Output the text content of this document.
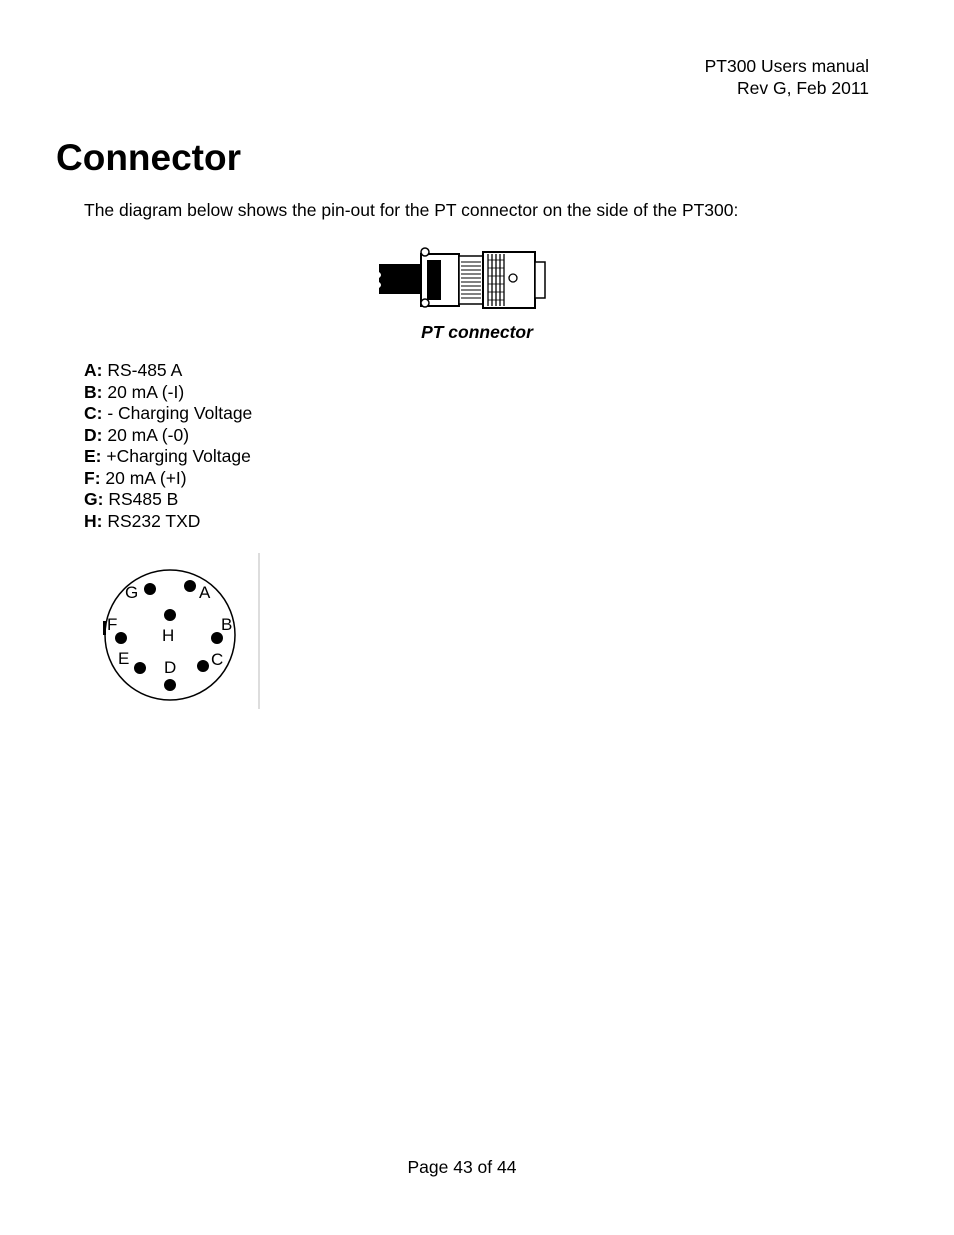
PT300 Users manual
Rev G, Feb 2011
Connector
The diagram below shows the pin-out for the PT connector on the side of the PT300:
PT connector
A: RS-485 A
B: 20 mA (-I)
C: - Charging Voltage
D: 20 mA (-0)
E: +Charging Voltage
F: 20 mA (+I)
G: RS485 B
H: RS232 TXD
A
G
H
F	B
E	C
D
Page 43 of 44
